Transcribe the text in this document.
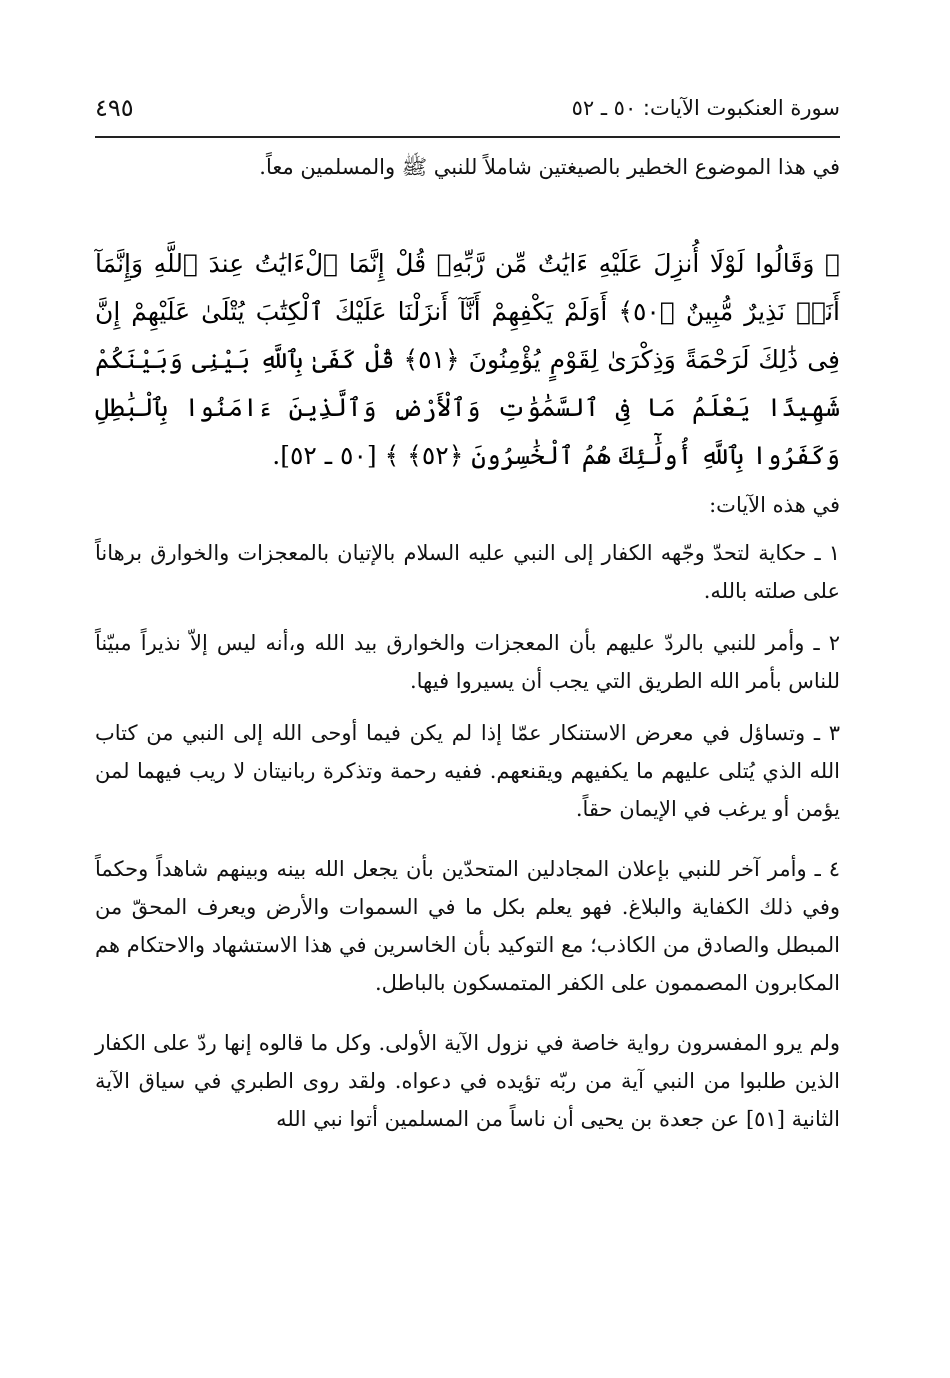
سورة العنكبوت الآيات: ٥٠ ـ ٥٢
٤٩٥

في هذا الموضوع الخطير بالصيغتين شاملاً للنبي ﷺ والمسلمين معاً.

﴿ وَقَالُوا لَوْلَا أُنزِلَ عَلَيْهِ ءَايَٰتٌ مِّن رَّبِّهِۦ قُلْ إِنَّمَا ٱلْءَايَٰتُ عِندَ ٱللَّهِ وَإِنَّمَآ أَنَا۠ نَذِيرٌ مُّبِينٌ ﴿٥٠﴾ أَوَلَمْ يَكْفِهِمْ أَنَّآ أَنزَلْنَا عَلَيْكَ ٱلْكِتَٰبَ يُتْلَىٰ عَلَيْهِمْ إِنَّ فِى ذَٰلِكَ لَرَحْمَةً وَذِكْرَىٰ لِقَوْمٍ يُؤْمِنُونَ ﴿٥١﴾ قُلْ كَفَىٰ بِٱللَّهِ بَيْنِى وَبَيْنَكُمْ شَهِيدًا يَعْلَمُ مَا فِى ٱلسَّمَٰوَٰتِ وَٱلْأَرْضِ وَٱلَّذِينَ ءَامَنُوا بِٱلْبَٰطِلِ وَكَفَرُوا بِٱللَّهِ أُولَٰٓئِكَ هُمُ ٱلْخَٰسِرُونَ ﴿٥٢﴾ ﴾ [٥٠ ـ ٥٢].

في هذه الآيات:

١ ـ حكاية لتحدّ وجّهه الكفار إلى النبي عليه السلام بالإتيان بالمعجزات والخوارق برهاناً على صلته بالله.

٢ ـ وأمر للنبي بالردّ عليهم بأن المعجزات والخوارق بيد الله و،أنه ليس إلاّ نذيراً مبيّناً للناس بأمر الله الطريق التي يجب أن يسيروا فيها.

٣ ـ وتساؤل في معرض الاستنكار عمّا إذا لم يكن فيما أوحى الله إلى النبي من كتاب الله الذي يُتلى عليهم ما يكفيهم ويقنعهم. ففيه رحمة وتذكرة ربانيتان لا ريب فيهما لمن يؤمن أو يرغب في الإيمان حقاً.

٤ ـ وأمر آخر للنبي بإعلان المجادلين المتحدّين بأن يجعل الله بينه وبينهم شاهداً وحكماً وفي ذلك الكفاية والبلاغ. فهو يعلم بكل ما في السموات والأرض ويعرف المحقّ من المبطل والصادق من الكاذب؛ مع التوكيد بأن الخاسرين في هذا الاستشهاد والاحتكام هم المكابرون المصممون على الكفر المتمسكون بالباطل.

ولم يرو المفسرون رواية خاصة في نزول الآية الأولى. وكل ما قالوه إنها ردّ على الكفار الذين طلبوا من النبي آية من ربّه تؤيده في دعواه. ولقد روى الطبري في سياق الآية الثانية [٥١] عن جعدة بن يحيى أن ناساً من المسلمين أتوا نبي الله
